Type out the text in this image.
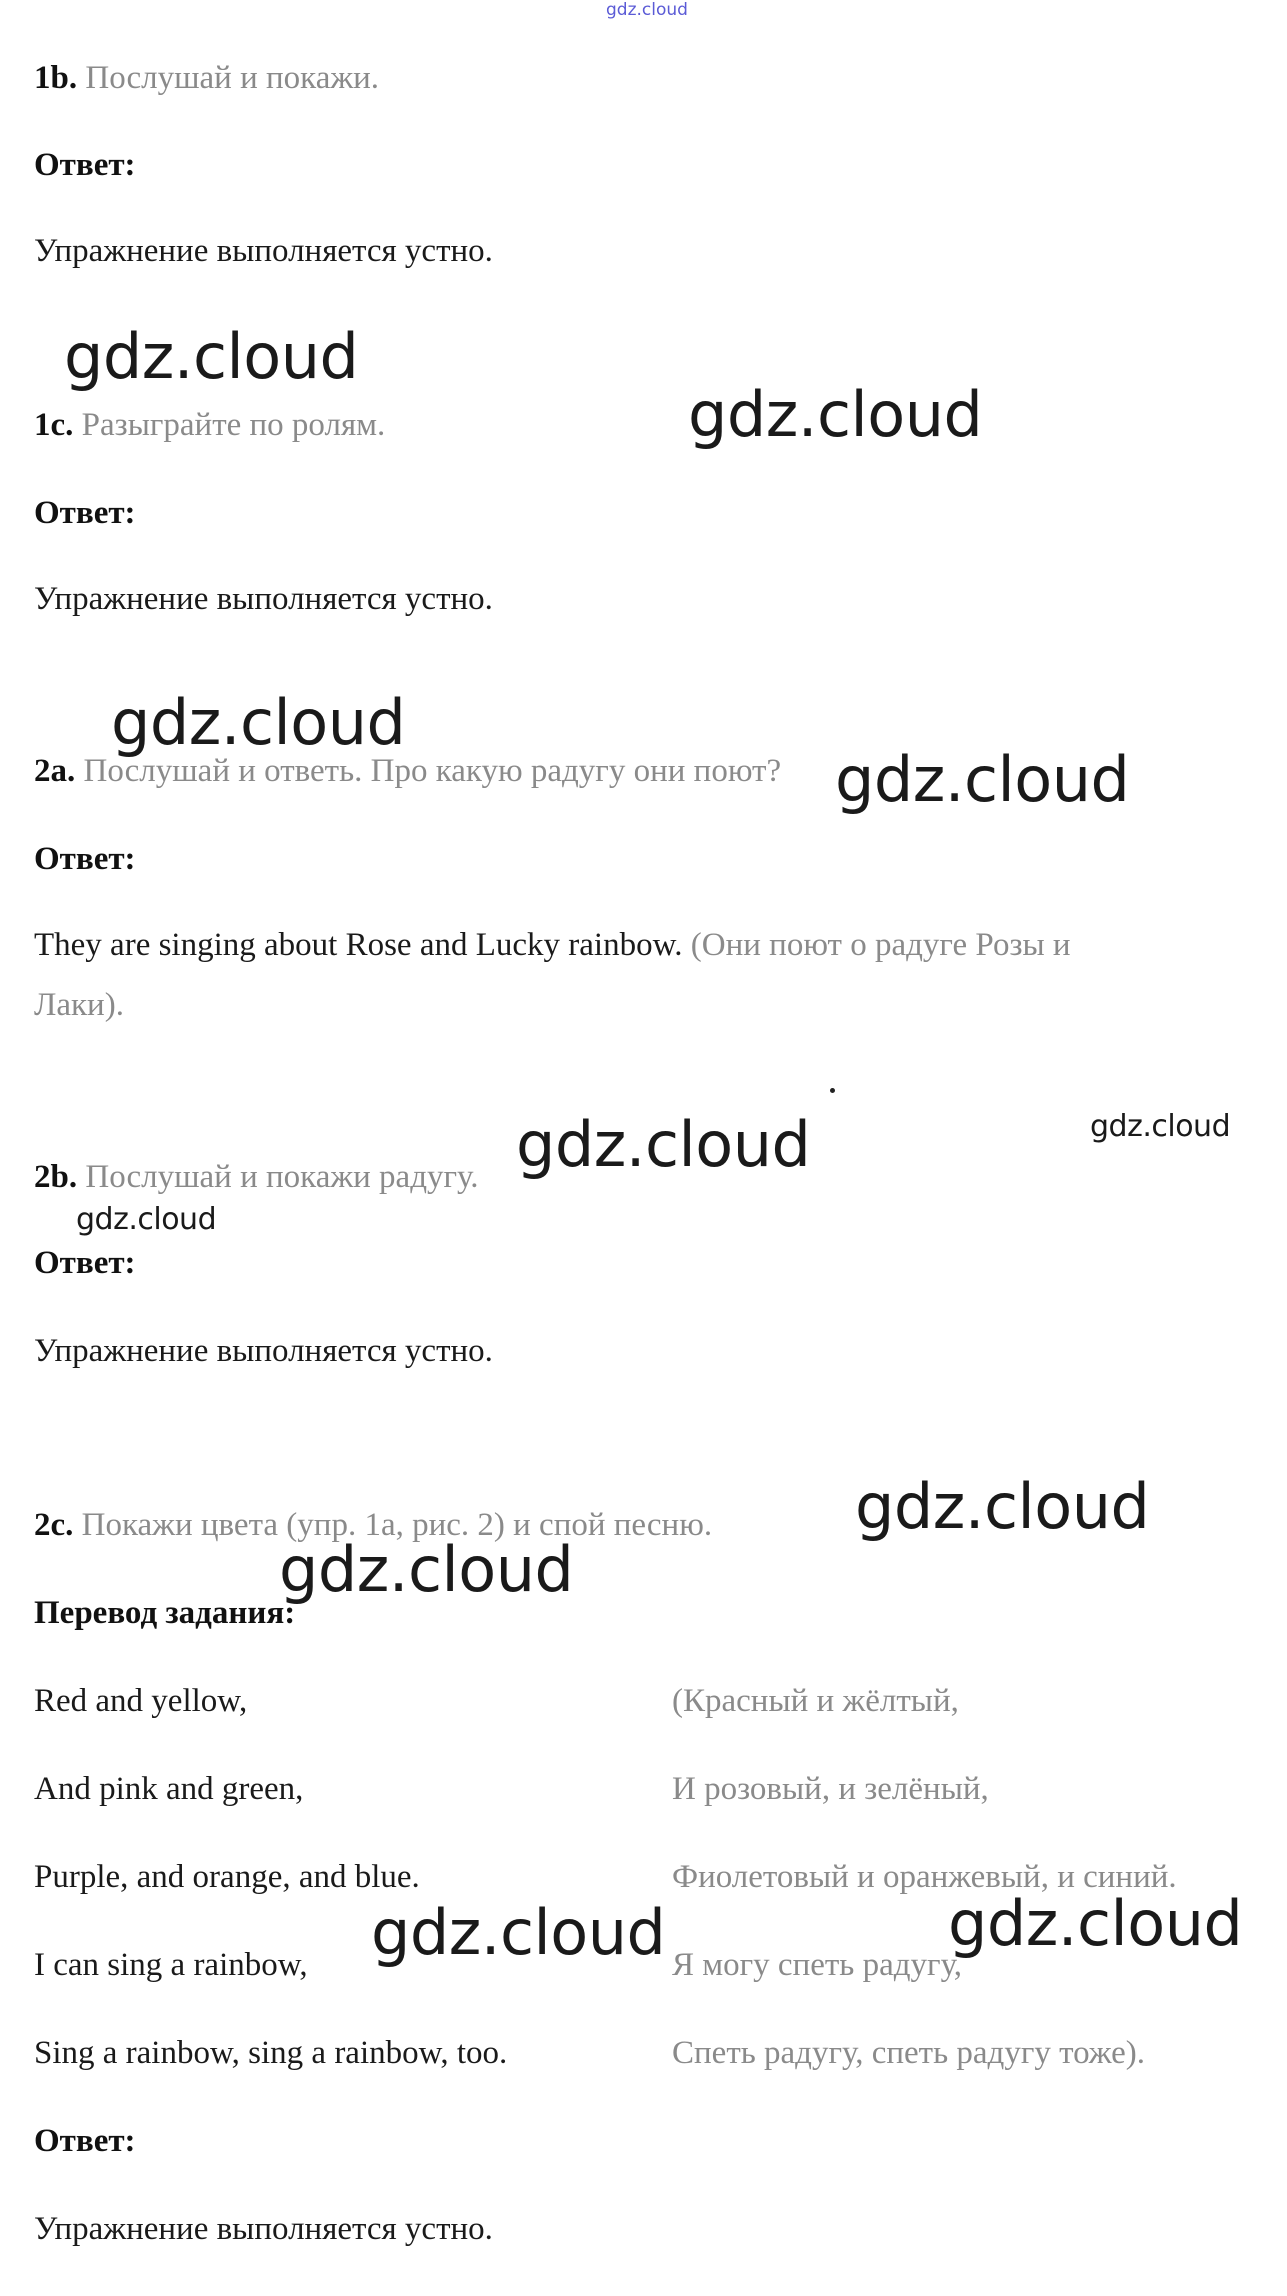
gdz.cloud
1b. Послушай и покажи.
Ответ:
Упражнение выполняется устно.
1c. Разыграйте по ролям.
Ответ:
Упражнение выполняется устно.
2a. Послушай и ответь. Про какую радугу они поют?
Ответ:
They are singing about Rose and Lucky rainbow. (Они поют о радуге Розы и
Лаки).
2b. Послушай и покажи радугу.
Ответ:
Упражнение выполняется устно.
2c. Покажи цвета (упр. 1a, рис. 2) и спой песню.
Перевод задания:
Red and yellow,	(Красный и жёлтый,
And pink and green,	И розовый, и зелёный,
Purple, and orange, and blue.	Фиолетовый и оранжевый, и синий.
I can sing a rainbow,	Я могу спеть радугу,
Sing a rainbow, sing a rainbow, too.	Спеть радугу, спеть радугу тоже).
Ответ:
Упражнение выполняется устно.
gdz.cloud
gdz.cloud
gdz.cloud
gdz.cloud
gdz.cloud	gdz.cloud
gdz.cloud
gdz.cloud
gdz.cloud
gdz.cloud	gdz.cloud
